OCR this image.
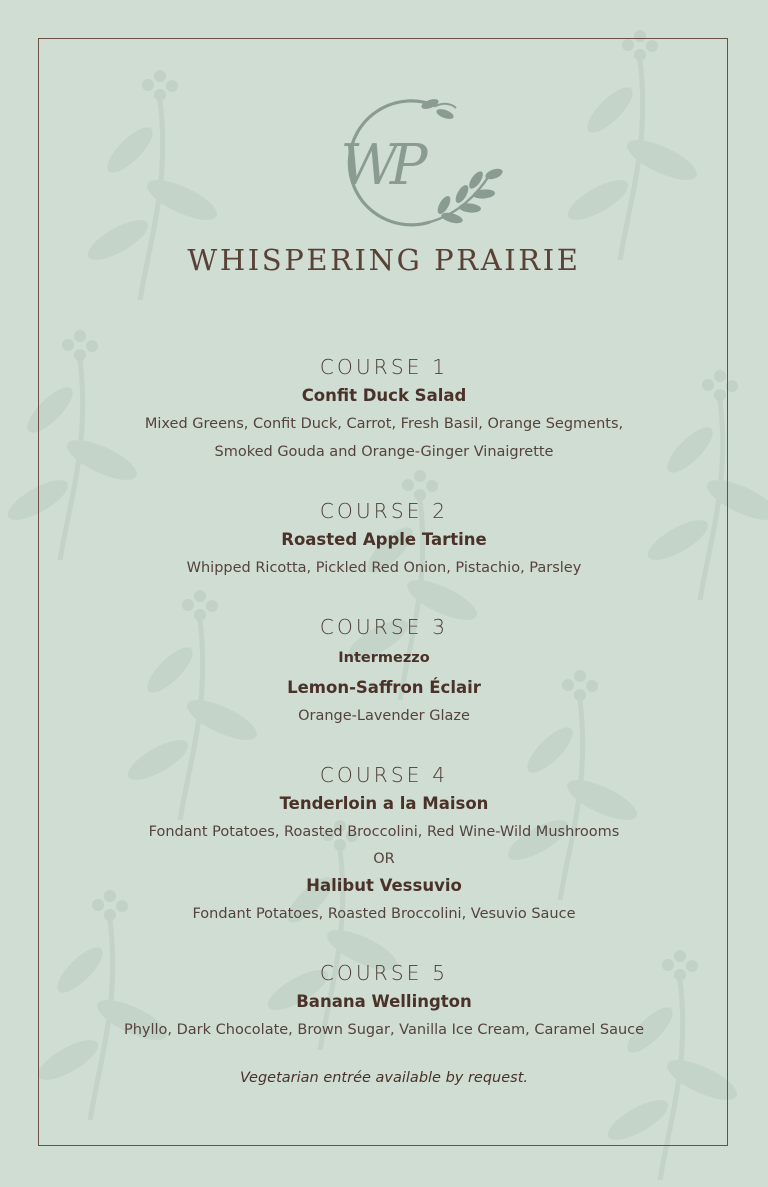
WP
WHISPERING PRAIRIE
COURSE 1
Confit Duck Salad
Mixed Greens, Confit Duck, Carrot, Fresh Basil, Orange Segments,
Smoked Gouda and Orange-Ginger Vinaigrette
COURSE 2
Roasted Apple Tartine
Whipped Ricotta, Pickled Red Onion, Pistachio, Parsley
COURSE 3
Intermezzo
Lemon-Saffron Éclair
Orange-Lavender Glaze
COURSE 4
Tenderloin a la Maison
Fondant Potatoes, Roasted Broccolini, Red Wine-Wild Mushrooms
OR
Halibut Vessuvio
Fondant Potatoes, Roasted Broccolini, Vesuvio Sauce
COURSE 5
Banana Wellington
Phyllo, Dark Chocolate, Brown Sugar, Vanilla Ice Cream, Caramel Sauce
Vegetarian entrée available by request.
